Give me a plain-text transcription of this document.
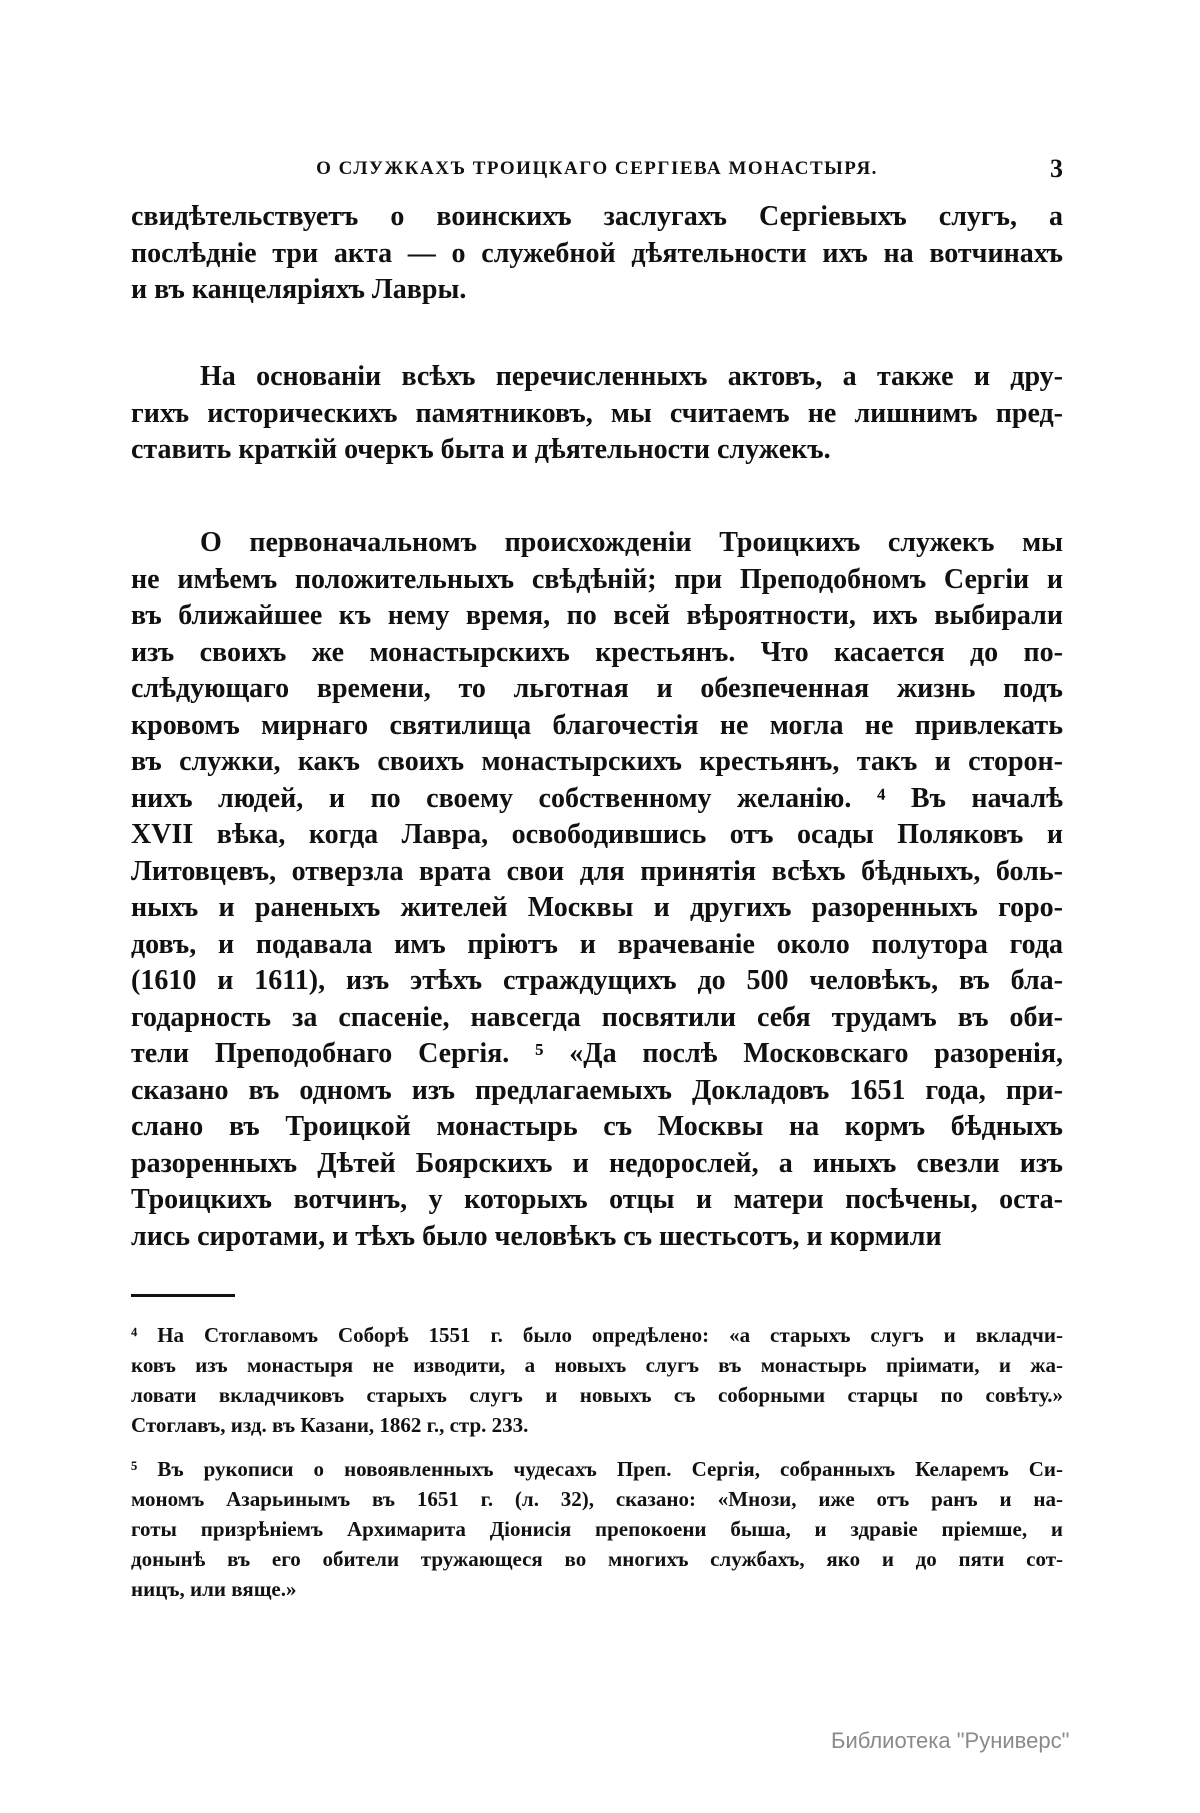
О СЛУЖКАХЪ ТРОИЦКАГО СЕРГІЕВА МОНАСТЫРЯ.	3
свидѣтельствуетъ о воинскихъ заслугахъ Сергіевыхъ слугъ, а
послѣдніе три акта — о служебной дѣятельности ихъ на вотчинахъ
и въ канцеляріяхъ Лавры.
На основаніи всѣхъ перечисленныхъ актовъ, а также и дру-
гихъ историческихъ памятниковъ, мы считаемъ не лишнимъ пред-
ставить краткій очеркъ быта и дѣятельности служекъ.
О первоначальномъ происхожденіи Троицкихъ служекъ мы
не имѣемъ положительныхъ свѣдѣній; при Преподобномъ Сергіи и
въ ближайшее къ нему время, по всей вѣроятности, ихъ выбирали
изъ своихъ же монастырскихъ крестьянъ. Что касается до по-
слѣдующаго времени, то льготная и обезпеченная жизнь подъ
кровомъ мирнаго святилища благочестія не могла не привлекать
въ служки, какъ своихъ монастырскихъ крестьянъ, такъ и сторон-
нихъ людей, и по своему собственному желанію. ⁴ Въ началѣ
XVII вѣка, когда Лавра, освободившись отъ осады Поляковъ и
Литовцевъ, отверзла врата свои для принятія всѣхъ бѣдныхъ, боль-
ныхъ и раненыхъ жителей Москвы и другихъ разоренныхъ горо-
довъ, и подавала имъ пріютъ и врачеваніе около полутора года
(1610 и 1611), изъ этѣхъ страждущихъ до 500 человѣкъ, въ бла-
годарность за спасеніе, навсегда посвятили себя трудамъ въ оби-
тели Преподобнаго Сергія. ⁵ «Да послѣ Московскаго разоренія,
сказано въ одномъ изъ предлагаемыхъ Докладовъ 1651 года, при-
слано въ Троицкой монастырь съ Москвы на кормъ бѣдныхъ
разоренныхъ Дѣтей Боярскихъ и недорослей, а иныхъ свезли изъ
Троицкихъ вотчинъ, у которыхъ отцы и матери посѣчены, оста-
лись сиротами, и тѣхъ было человѣкъ съ шестьсотъ, и кормили
⁴ На Стоглавомъ Соборѣ 1551 г. было опредѣлено: «а старыхъ слугъ и вкладчи-
ковъ изъ монастыря не изводити, а новыхъ слугъ въ монастырь пріимати, и жа-
ловати вкладчиковъ старыхъ слугъ и новыхъ съ соборными старцы по совѣту.»
Стоглавъ, изд. въ Казани, 1862 г., стр. 233.
⁵ Въ рукописи о новоявленныхъ чудесахъ Преп. Сергія, собранныхъ Келаремъ Си-
мономъ Азарьинымъ въ 1651 г. (л. 32), сказано: «Мнози, иже отъ ранъ и на-
готы призрѣніемъ Архимарита Діонисія препокоени быша, и здравіе пріемше, и
донынѣ въ его обители тружающеся во многихъ службахъ, яко и до пяти сот-
ницъ, или вяще.»
Библиотека "Руниверс"
